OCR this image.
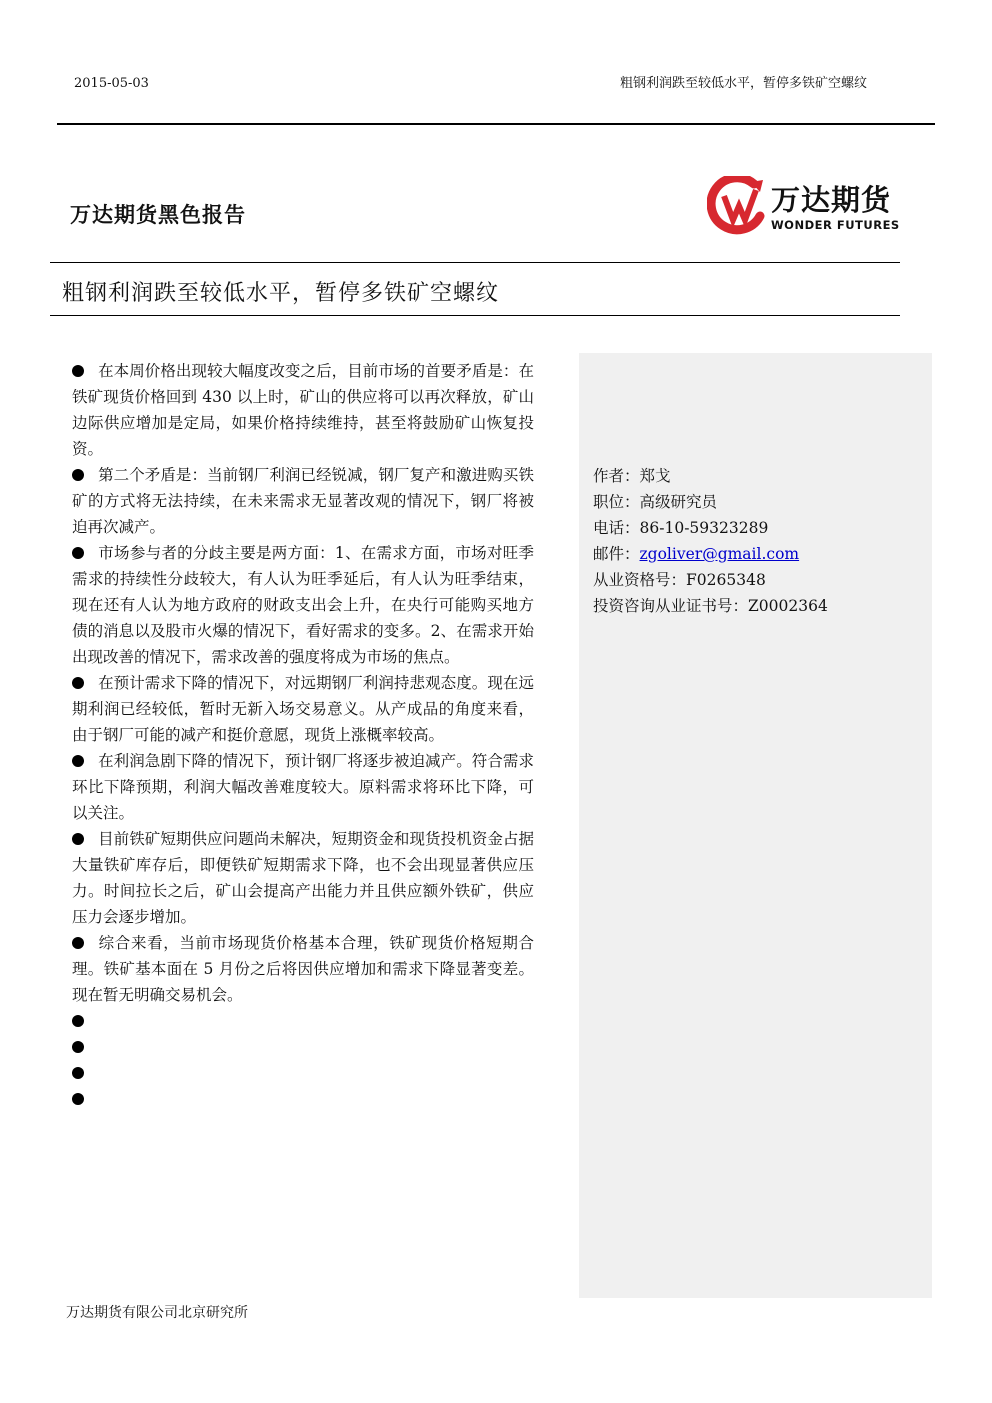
2015-05-03	粗钢利润跌至较低水平，暂停多铁矿空螺纹
万达期货黑色报告	万达期货
WONDER FUTURES
粗钢利润跌至较低水平，暂停多铁矿空螺纹

在本周价格出现较大幅度改变之后，目前市场的首要矛盾是：在铁矿现货价格回到 430 以上时，矿山的供应将可以再次释放，矿山边际供应增加是定局，如果价格持续维持，甚至将鼓励矿山恢复投资。

第二个矛盾是：当前钢厂利润已经锐减，钢厂复产和激进购买铁矿的方式将无法持续，在未来需求无显著改观的情况下，钢厂将被迫再次减产。

市场参与者的分歧主要是两方面：1、在需求方面，市场对旺季需求的持续性分歧较大，有人认为旺季延后，有人认为旺季结束，现在还有人认为地方政府的财政支出会上升，在央行可能购买地方债的消息以及股市火爆的情况下，看好需求的变多。2、在需求开始出现改善的情况下，需求改善的强度将成为市场的焦点。

在预计需求下降的情况下，对远期钢厂利润持悲观态度。现在远期利润已经较低，暂时无新入场交易意义。从产成品的角度来看，由于钢厂可能的减产和挺价意愿，现货上涨概率较高。

在利润急剧下降的情况下，预计钢厂将逐步被迫减产。符合需求环比下降预期，利润大幅改善难度较大。原料需求将环比下降，可以关注。

目前铁矿短期供应问题尚未解决，短期资金和现货投机资金占据大量铁矿库存后，即便铁矿短期需求下降，也不会出现显著供应压力。时间拉长之后，矿山会提高产出能力并且供应额外铁矿，供应压力会逐步增加。

综合来看，当前市场现货价格基本合理，铁矿现货价格短期合理。铁矿基本面在 5 月份之后将因供应增加和需求下降显著变差。现在暂无明确交易机会。

作者：郑戈
职位：高级研究员
电话：86-10-59323289
邮件：zgoliver@gmail.com
从业资格号：F0265348
投资咨询从业证书号：Z0002364
万达期货有限公司北京研究所
